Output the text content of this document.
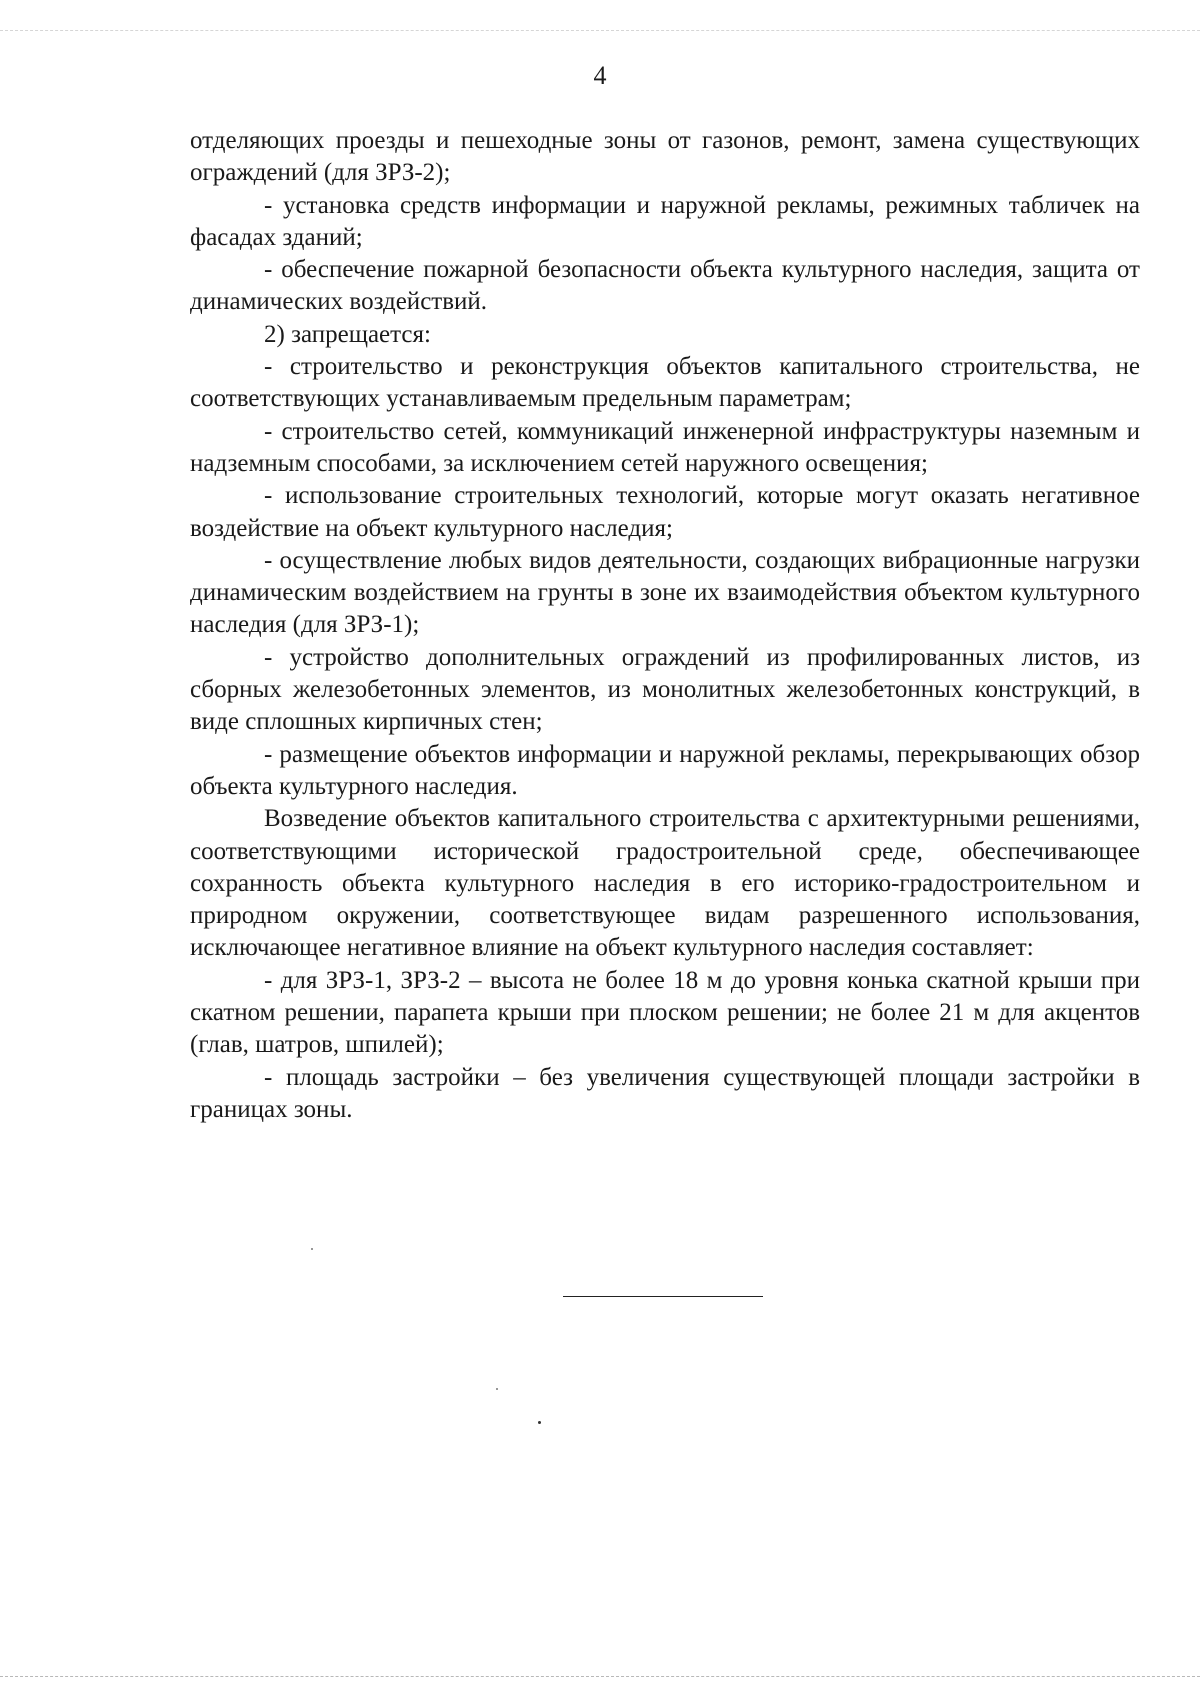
4

отделяющих проезды и пешеходные зоны от газонов, ремонт, замена существующих ограждений (для ЗРЗ-2);

- установка средств информации и наружной рекламы, режимных табличек на фасадах зданий;

- обеспечение пожарной безопасности объекта культурного наследия, защита от динамических воздействий.

2) запрещается:

- строительство и реконструкция объектов капитального строительства, не соответствующих устанавливаемым предельным параметрам;

- строительство сетей, коммуникаций инженерной инфраструктуры наземным и надземным способами, за исключением сетей наружного освещения;

- использование строительных технологий, которые могут оказать негативное воздействие на объект культурного наследия;

- осуществление любых видов деятельности, создающих вибрационные нагрузки динамическим воздействием на грунты в зоне их взаимодействия объектом культурного наследия (для ЗРЗ-1);

- устройство дополнительных ограждений из профилированных листов, из сборных железобетонных элементов, из монолитных железобетонных конструкций, в виде сплошных кирпичных стен;

- размещение объектов информации и наружной рекламы, перекрывающих обзор объекта культурного наследия.

Возведение объектов капитального строительства с архитектурными решениями, соответствующими исторической градостроительной среде, обеспечивающее сохранность объекта культурного наследия в его историко-градостроительном и природном окружении, соответствующее видам разрешенного использования, исключающее негативное влияние на объект культурного наследия составляет:

- для ЗРЗ-1, ЗРЗ-2 – высота не более 18 м до уровня конька скатной крыши при скатном решении, парапета крыши при плоском решении; не более 21 м для акцентов (глав, шатров, шпилей);

- площадь застройки – без увеличения существующей площади застройки в границах зоны.
